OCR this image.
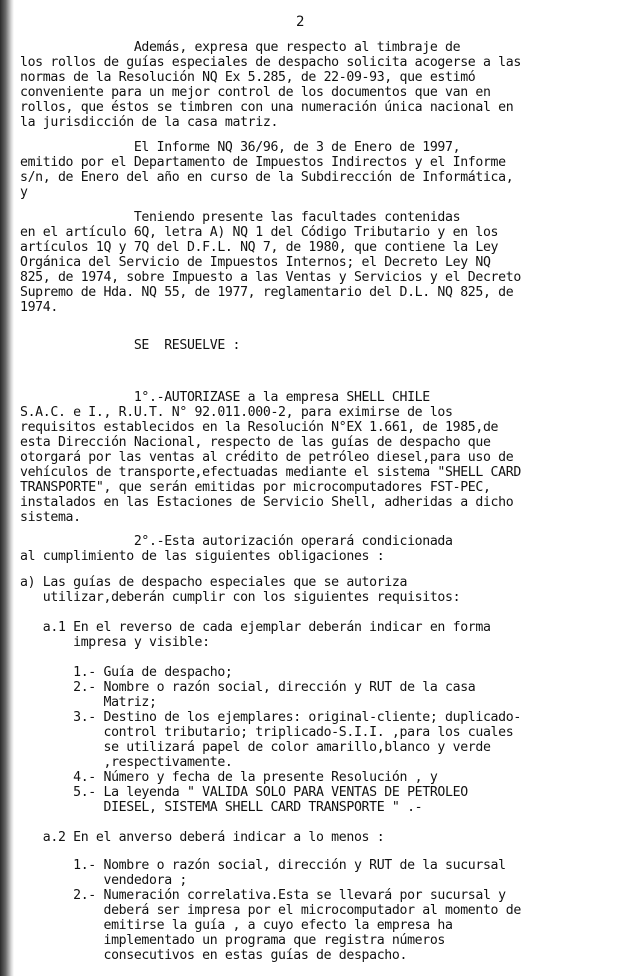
2
Además, expresa que respecto al timbraje de
los rollos de guías especiales de despacho solicita acogerse a las
normas de la Resolución NQ Ex 5.285, de 22-09-93, que estimó
conveniente para un mejor control de los documentos que van en
rollos, que éstos se timbren con una numeración única nacional en
la jurisdicción de la casa matriz.
El Informe NQ 36/96, de 3 de Enero de 1997,
emitido por el Departamento de Impuestos Indirectos y el Informe
s/n, de Enero del año en curso de la Subdirección de Informática,
y
Teniendo presente las facultades contenidas
en el artículo 6Q, letra A) NQ 1 del Código Tributario y en los
artículos 1Q y 7Q del D.F.L. NQ 7, de 1980, que contiene la Ley
Orgánica del Servicio de Impuestos Internos; el Decreto Ley NQ
825, de 1974, sobre Impuesto a las Ventas y Servicios y el Decreto
Supremo de Hda. NQ 55, de 1977, reglamentario del D.L. NQ 825, de
1974.
SE  RESUELVE :
1°.-AUTORIZASE a la empresa SHELL CHILE
S.A.C. e I., R.U.T. N° 92.011.000-2, para eximirse de los
requisitos establecidos en la Resolución N°EX 1.661, de 1985,de
esta Dirección Nacional, respecto de las guías de despacho que
otorgará por las ventas al crédito de petróleo diesel,para uso de
vehículos de transporte,efectuadas mediante el sistema "SHELL CARD
TRANSPORTE", que serán emitidas por microcomputadores FST-PEC,
instalados en las Estaciones de Servicio Shell, adheridas a dicho
sistema.
2°.-Esta autorización operará condicionada
al cumplimiento de las siguientes obligaciones :
a) Las guías de despacho especiales que se autoriza
utilizar,deberán cumplir con los siguientes requisitos:
a.1 En el reverso de cada ejemplar deberán indicar en forma
impresa y visible:
1.- Guía de despacho;
2.- Nombre o razón social, dirección y RUT de la casa
Matriz;
3.- Destino de los ejemplares: original-cliente; duplicado-
control tributario; triplicado-S.I.I. ,para los cuales
se utilizará papel de color amarillo,blanco y verde
,respectivamente.
4.- Número y fecha de la presente Resolución , y
5.- La leyenda " VALIDA SOLO PARA VENTAS DE PETROLEO
DIESEL, SISTEMA SHELL CARD TRANSPORTE " .-
a.2 En el anverso deberá indicar a lo menos :
1.- Nombre o razón social, dirección y RUT de la sucursal
vendedora ;
2.- Numeración correlativa.Esta se llevará por sucursal y
deberá ser impresa por el microcomputador al momento de
emitirse la guía , a cuyo efecto la empresa ha
implementado un programa que registra números
consecutivos en estas guías de despacho.
